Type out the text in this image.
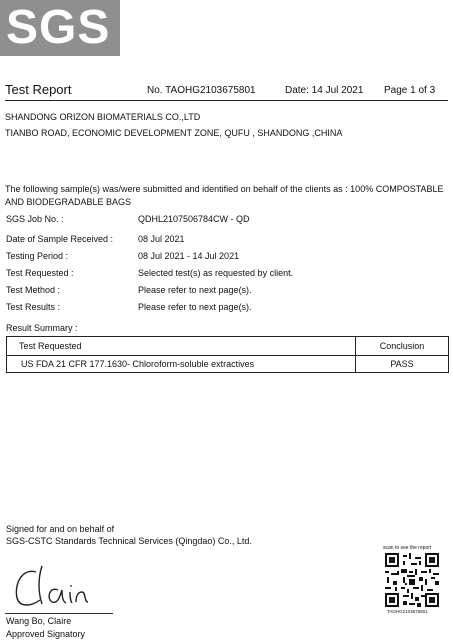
SGS
Test Report	No. TAOHG2103675801	Date: 14 Jul 2021 Page 1 of 3
SHANDONG ORIZON BIOMATERIALS CO.,LTD
TIANBO ROAD, ECONOMIC DEVELOPMENT ZONE, QUFU , SHANDONG ,CHINA
The following sample(s) was/were submitted and identified on behalf of the clients as : 100% COMPOSTABLE
AND BIODEGRADABLE BAGS
SGS Job No. :	QDHL2107506784CW - QD
Date of Sample Received :	08 Jul 2021
Testing Period :	08 Jul 2021 - 14 Jul 2021
Test Requested :	Selected test(s) as requested by client.
Test Method :	Please refer to next page(s).
Test Results :	Please refer to next page(s).
Result Summary :
Test Requested	Conclusion
US FDA 21 CFR 177.1630- Chloroform-soluble extractives	PASS
Signed for and on behalf of
SGS-CSTC Standards Technical Services (Qingdao) Co., Ltd.
Wang Bo, Claire
Approved Signatory
scan to see the report
TAOHG2103675801
